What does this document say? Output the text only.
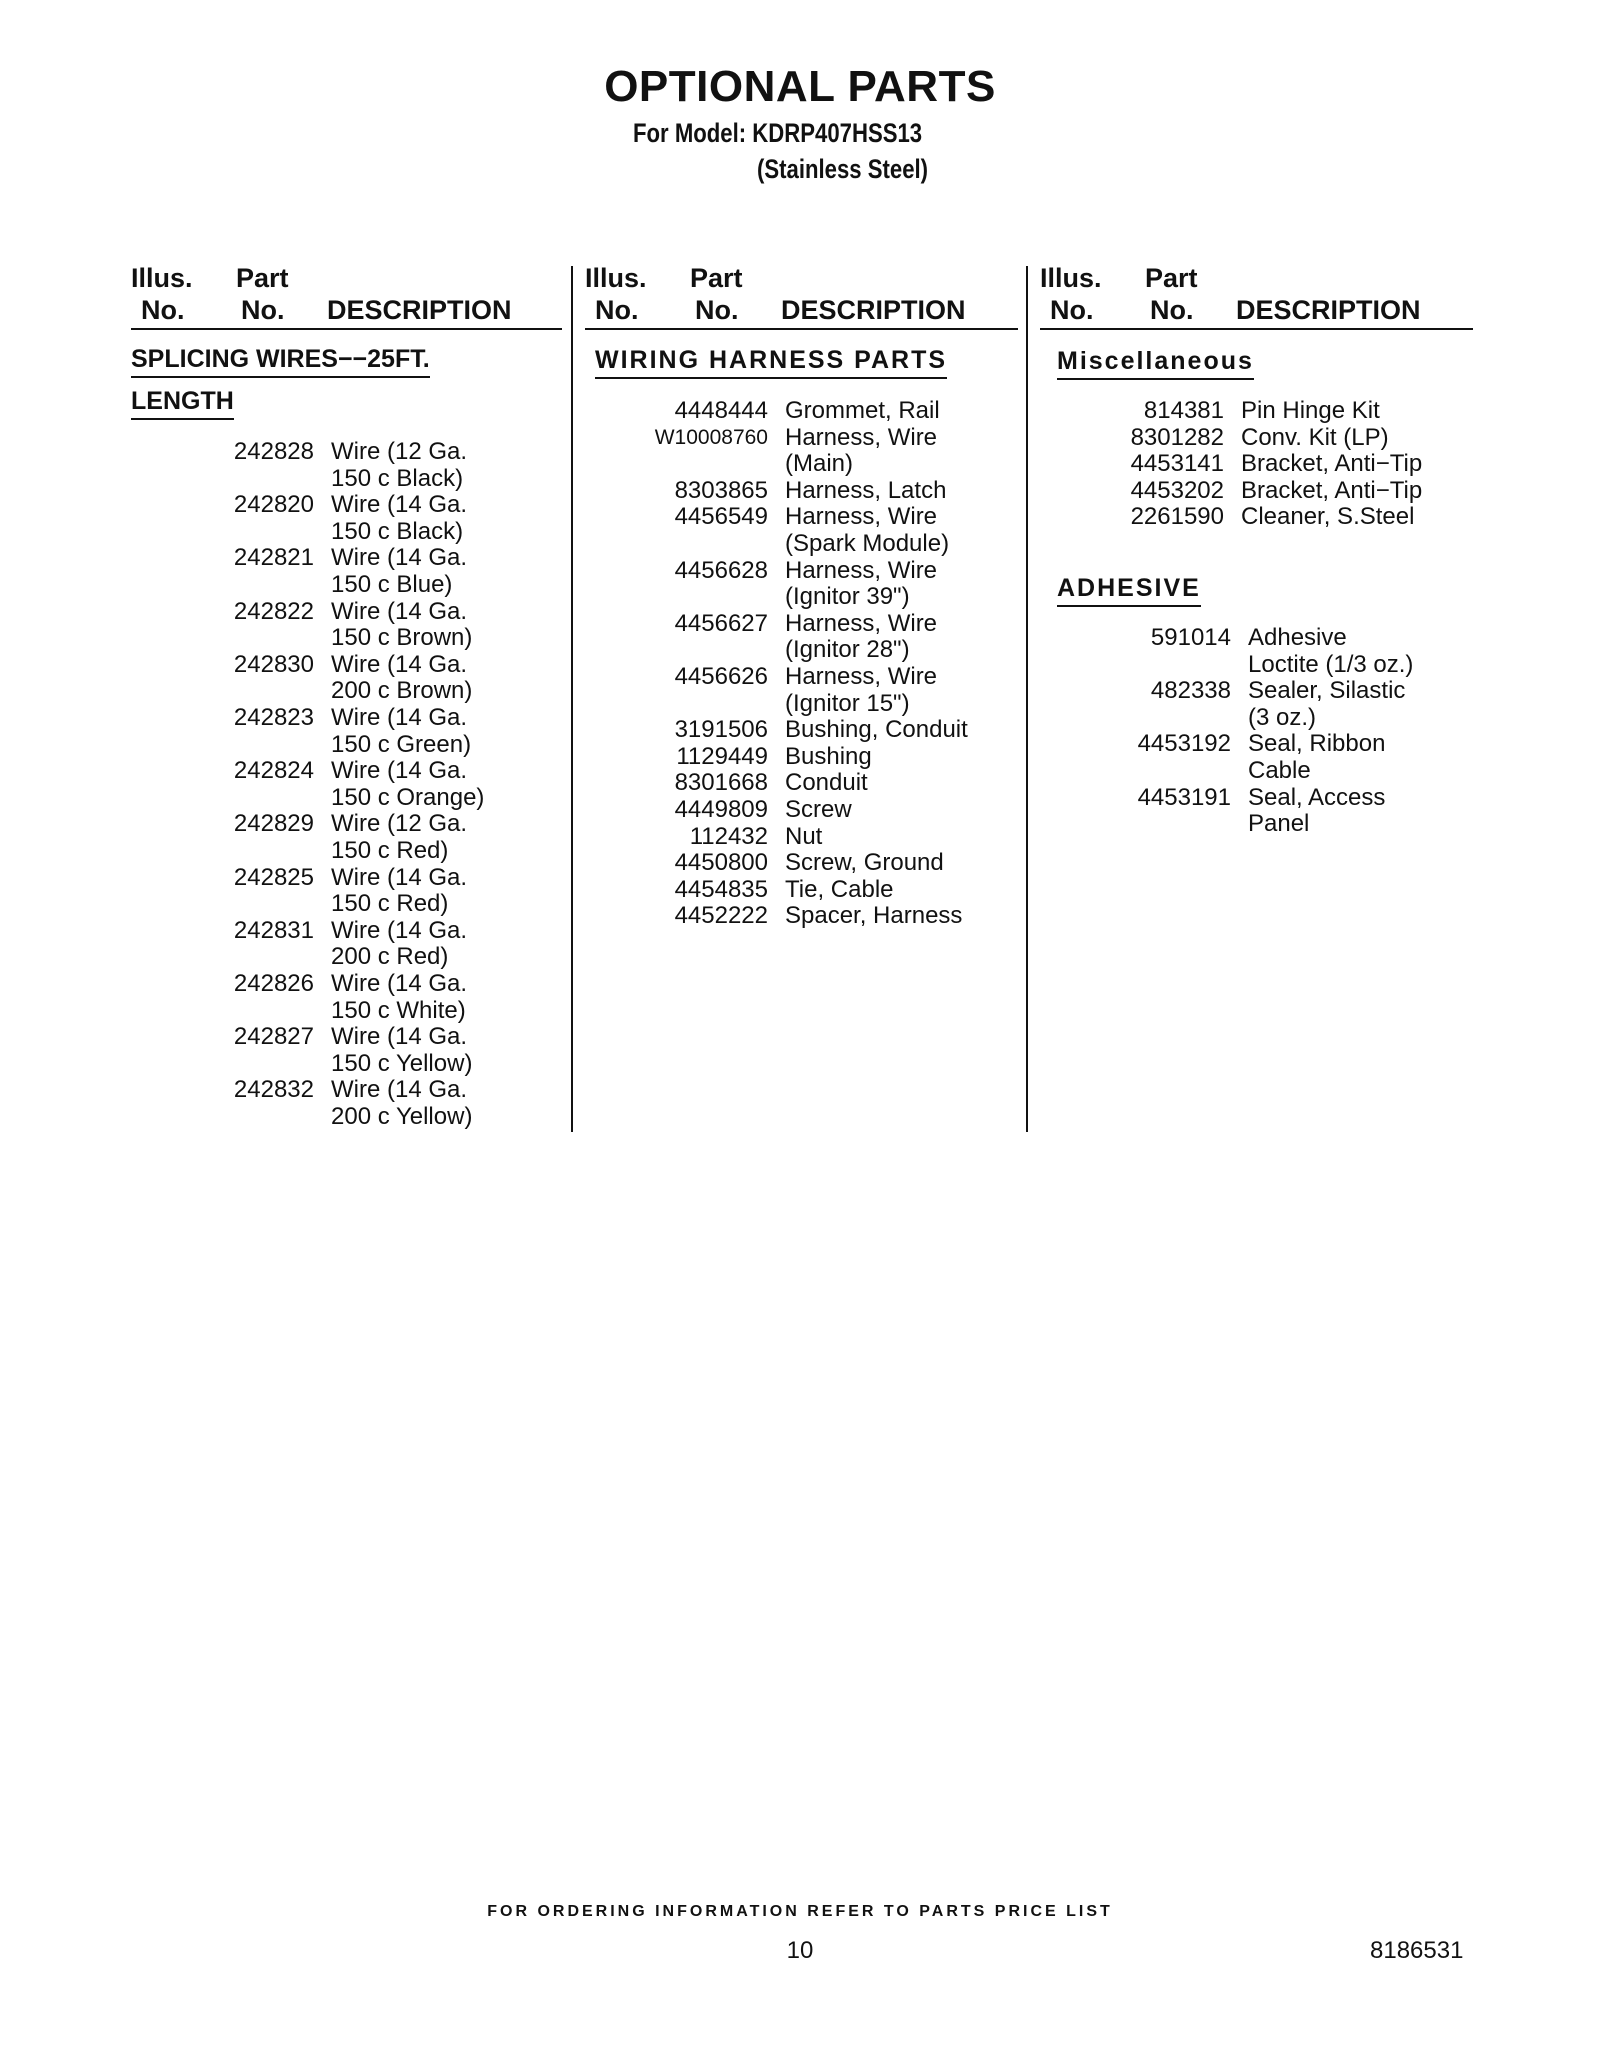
OPTIONAL PARTS
For Model: KDRP407HSS13
(Stainless Steel)
Illus.
No.
Part
No. DESCRIPTION
SPLICING WIRES−−25FT.
LENGTH
242828 Wire (12 Ga.
150 c Black)
242820 Wire (14 Ga.
150 c Black)
242821 Wire (14 Ga.
150 c Blue)
242822 Wire (14 Ga.
150 c Brown)
242830 Wire (14 Ga.
200 c Brown)
242823 Wire (14 Ga.
150 c Green)
242824 Wire (14 Ga.
150 c Orange)
242829 Wire (12 Ga.
150 c Red)
242825 Wire (14 Ga.
150 c Red)
242831 Wire (14 Ga.
200 c Red)
242826 Wire (14 Ga.
150 c White)
242827 Wire (14 Ga.
150 c Yellow)
242832 Wire (14 Ga.
200 c Yellow)
Illus.
No.
Part
No. DESCRIPTION
WIRING HARNESS PARTS
4448444 Grommet, Rail
W10008760 Harness, Wire
(Main)
8303865 Harness, Latch
4456549 Harness, Wire
(Spark Module)
4456628 Harness, Wire
(Ignitor 39")
4456627 Harness, Wire
(Ignitor 28")
4456626 Harness, Wire
(Ignitor 15")
3191506 Bushing, Conduit
1129449 Bushing
8301668 Conduit
4449809 Screw
112432 Nut
4450800 Screw, Ground
4454835 Tie, Cable
4452222 Spacer, Harness
Illus.
No.
Part
No. DESCRIPTION
Miscellaneous
814381 Pin Hinge Kit
8301282 Conv. Kit (LP)
4453141 Bracket, Anti−Tip
4453202 Bracket, Anti−Tip
2261590 Cleaner, S.Steel
ADHESIVE
591014 Adhesive
Loctite (1/3 oz.)
482338 Sealer, Silastic
(3 oz.)
4453192 Seal, Ribbon
Cable
4453191 Seal, Access
Panel
FOR ORDERING INFORMATION REFER TO PARTS PRICE LIST
10	8186531
